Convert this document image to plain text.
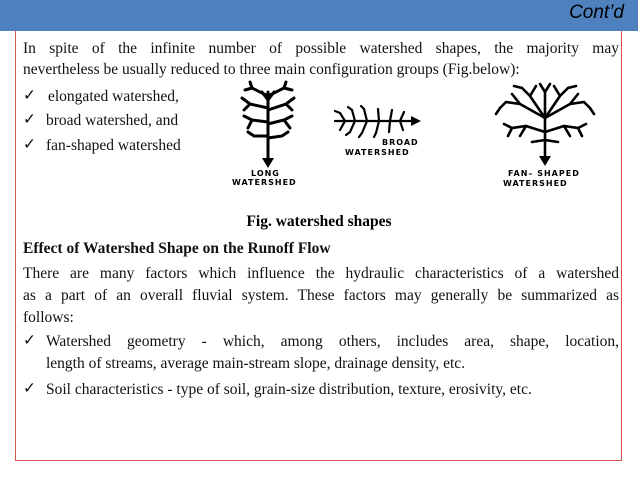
Cont’d
In spite of the infinite number of possible watershed shapes, the majority may
nevertheless be usually reduced to three main configuration groups (Fig.below):
✓ elongated watershed,
✓ broad watershed, and
✓ fan-shaped watershed
LONG
WATERSHED
BROAD
WATERSHED
FAN– SHAPED
WATERSHED
Fig. watershed shapes
Effect of Watershed Shape on the Runoff Flow
There are many factors which influence the hydraulic characteristics of a watershed
as a part of an overall fluvial system. These factors may generally be summarized as
follows:
✓ Watershed geometry - which, among others, includes area, shape, location,
length of streams, average main-stream slope, drainage density, etc.
✓ Soil characteristics - type of soil, grain-size distribution, texture, erosivity, etc.
